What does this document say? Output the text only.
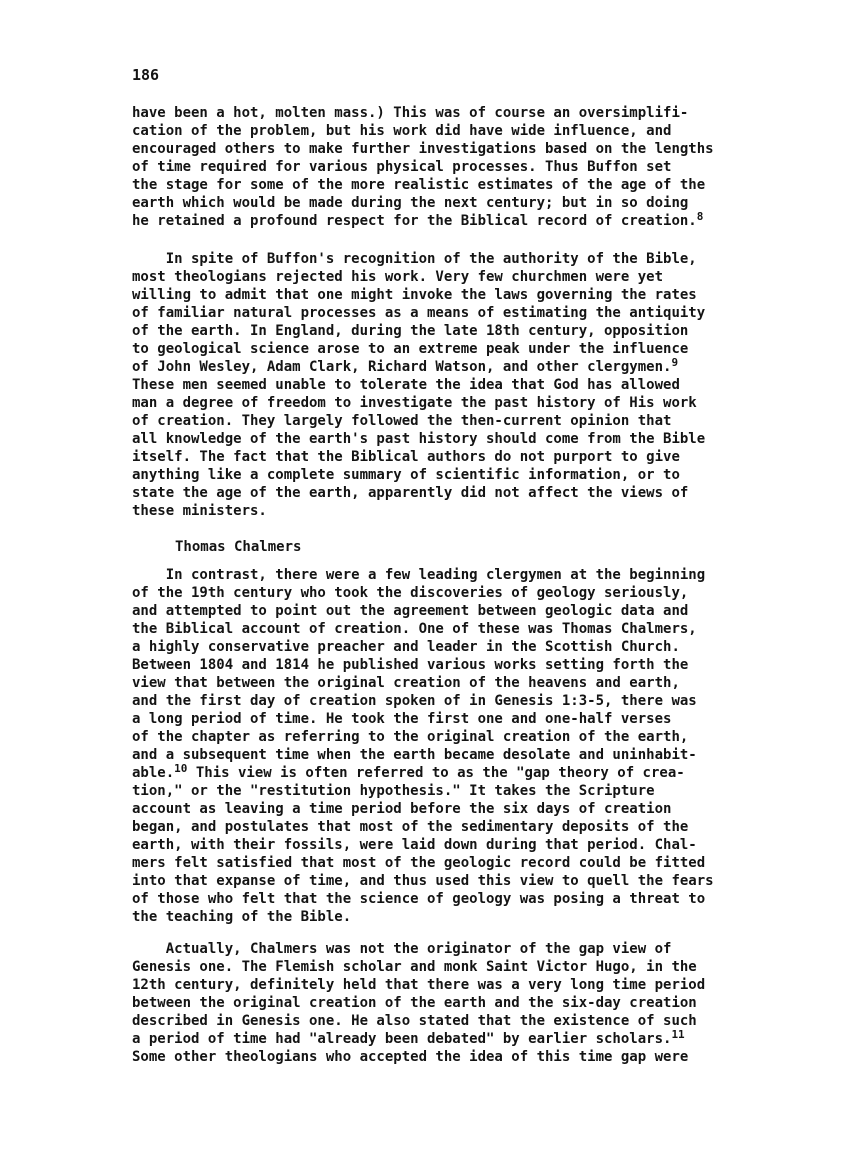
186
have been a hot, molten mass.) This was of course an oversimplifi-
cation of the problem, but his work did have wide influence, and
encouraged others to make further investigations based on the lengths
of time required for various physical processes. Thus Buffon set
the stage for some of the more realistic estimates of the age of the
earth which would be made during the next century; but in so doing
he retained a profound respect for the Biblical record of creation.$^8$
In spite of Buffon's recognition of the authority of the Bible,
most theologians rejected his work. Very few churchmen were yet
willing to admit that one might invoke the laws governing the rates
of familiar natural processes as a means of estimating the antiquity
of the earth. In England, during the late 18th century, opposition
to geological science arose to an extreme peak under the influence
of John Wesley, Adam Clark, Richard Watson, and other clergymen.$^9$
These men seemed unable to tolerate the idea that God has allowed
man a degree of freedom to investigate the past history of His work
of creation. They largely followed the then-current opinion that
all knowledge of the earth's past history should come from the Bible
itself. The fact that the Biblical authors do not purport to give
anything like a complete summary of scientific information, or to
state the age of the earth, apparently did not affect the views of
these ministers.
Thomas Chalmers
In contrast, there were a few leading clergymen at the beginning
of the 19th century who took the discoveries of geology seriously,
and attempted to point out the agreement between geologic data and
the Biblical account of creation. One of these was Thomas Chalmers,
a highly conservative preacher and leader in the Scottish Church.
Between 1804 and 1814 he published various works setting forth the
view that between the original creation of the heavens and earth,
and the first day of creation spoken of in Genesis 1:3-5, there was
a long period of time. He took the first one and one-half verses
of the chapter as referring to the original creation of the earth,
and a subsequent time when the earth became desolate and uninhabit-
able.$^{10}$ This view is often referred to as the "gap theory of crea-
tion," or the "restitution hypothesis." It takes the Scripture
account as leaving a time period before the six days of creation
began, and postulates that most of the sedimentary deposits of the
earth, with their fossils, were laid down during that period. Chal-
mers felt satisfied that most of the geologic record could be fitted
into that expanse of time, and thus used this view to quell the fears
of those who felt that the science of geology was posing a threat to
the teaching of the Bible.
Actually, Chalmers was not the originator of the gap view of
Genesis one. The Flemish scholar and monk Saint Victor Hugo, in the
12th century, definitely held that there was a very long time period
between the original creation of the earth and the six-day creation
described in Genesis one. He also stated that the existence of such
a period of time had "already been debated" by earlier scholars.$^{11}$
Some other theologians who accepted the idea of this time gap were
